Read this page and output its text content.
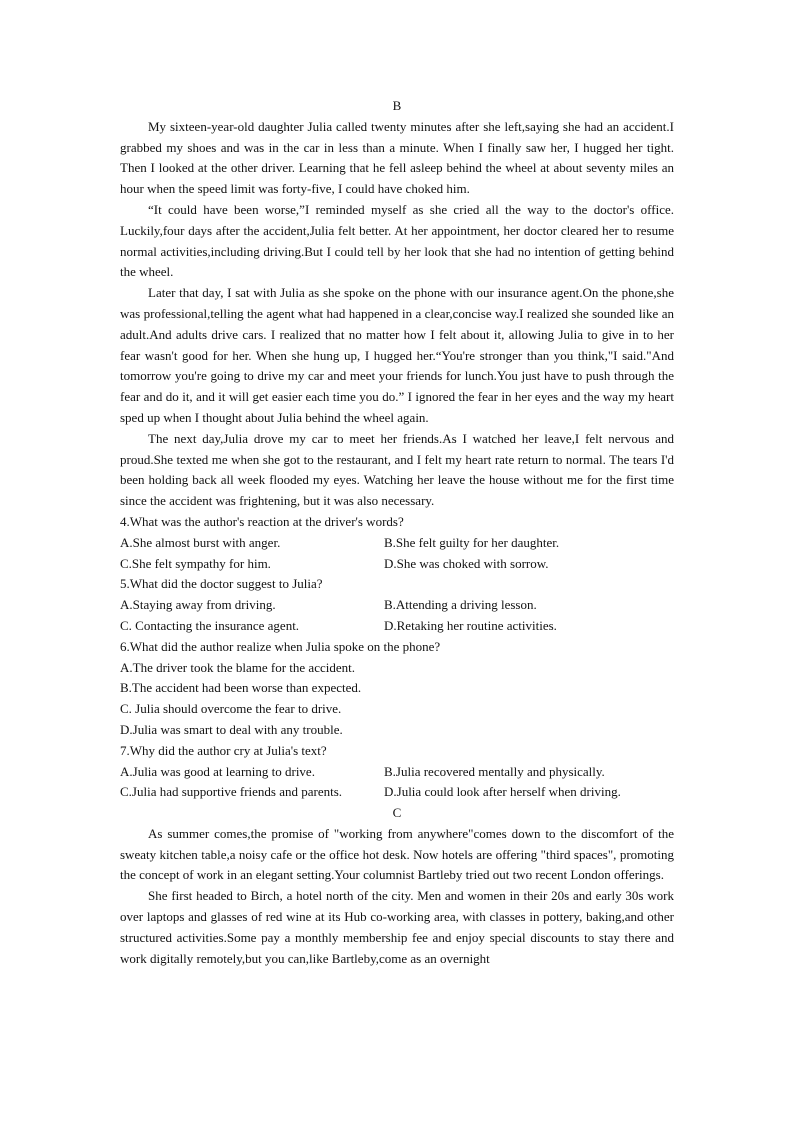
B

My sixteen-year-old daughter Julia called twenty minutes after she left,saying she had an accident.I grabbed my shoes and was in the car in less than a minute. When I finally saw her, I hugged her tight. Then I looked at the other driver. Learning that he fell asleep behind the wheel at about seventy miles an hour when the speed limit was forty-five, I could have choked him.

“It could have been worse,”I reminded myself as she cried all the way to the doctor's office. Luckily,four days after the accident,Julia felt better. At her appointment, her doctor cleared her to resume normal activities,including driving.But I could tell by her look that she had no intention of getting behind the wheel.

Later that day, I sat with Julia as she spoke on the phone with our insurance agent.On the phone,she was professional,telling the agent what had happened in a clear,concise way.I realized she sounded like an adult.And adults drive cars. I realized that no matter how I felt about it, allowing Julia to give in to her fear wasn't good for her. When she hung up, I hugged her.“You're stronger than you think,"I said."And tomorrow you're going to drive my car and meet your friends for lunch.You just have to push through the fear and do it, and it will get easier each time you do.” I ignored the fear in her eyes and the way my heart sped up when I thought about Julia behind the wheel again.

The next day,Julia drove my car to meet her friends.As I watched her leave,I felt nervous and proud.She texted me when she got to the restaurant, and I felt my heart rate return to normal. The tears I'd been holding back all week flooded my eyes. Watching her leave the house without me for the first time since the accident was frightening, but it was also necessary.

4.What was the author's reaction at the driver's words?

A.She almost burst with anger.	B.She felt guilty for her daughter.
C.She felt sympathy for him.	D.She was choked with sorrow.

5.What did the doctor suggest to Julia?

A.Staying away from driving.	B.Attending a driving lesson.
C. Contacting the insurance agent.	D.Retaking her routine activities.

6.What did the author realize when Julia spoke on the phone?

A.The driver took the blame for the accident.

B.The accident had been worse than expected.

C. Julia should overcome the fear to drive.

D.Julia was smart to deal with any trouble.

7.Why did the author cry at Julia's text?

A.Julia was good at learning to drive.	B.Julia recovered mentally and physically.
C.Julia had supportive friends and parents.	D.Julia could look after herself when driving.

C

As summer comes,the promise of "working from anywhere"comes down to the discomfort of the sweaty kitchen table,a noisy cafe or the office hot desk. Now hotels are offering "third spaces", promoting the concept of work in an elegant setting.Your columnist Bartleby tried out two recent London offerings.

She first headed to Birch, a hotel north of the city. Men and women in their 20s and early 30s work over laptops and glasses of red wine at its Hub co-working area, with classes in pottery, baking,and other structured activities.Some pay a monthly membership fee and enjoy special discounts to stay there and work digitally remotely,but you can,like Bartleby,come as an overnight
